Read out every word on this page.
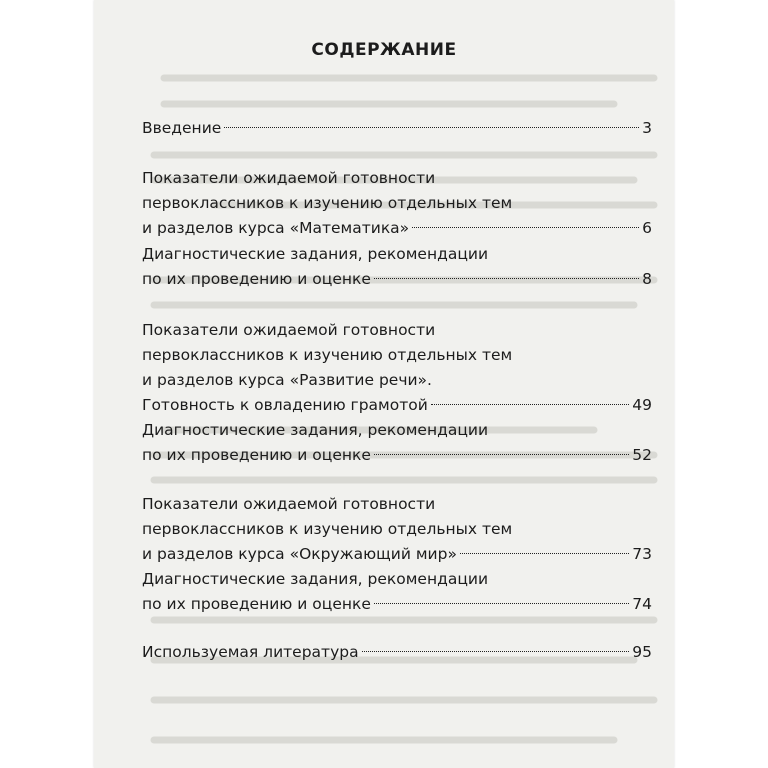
СОДЕРЖАНИЕ
Введение	3
Показатели ожидаемой готовности
первоклассников к изучению отдельных тем
и разделов курса «Математика»	6
Диагностические задания, рекомендации
по их проведению и оценке	8
Показатели ожидаемой готовности
первоклассников к изучению отдельных тем
и разделов курса «Развитие речи».
Готовность к овладению грамотой	49
Диагностические задания, рекомендации
по их проведению и оценке	52
Показатели ожидаемой готовности
первоклассников к изучению отдельных тем
и разделов курса «Окружающий мир»	73
Диагностические задания, рекомендации
по их проведению и оценке	74
Используемая литература	95
